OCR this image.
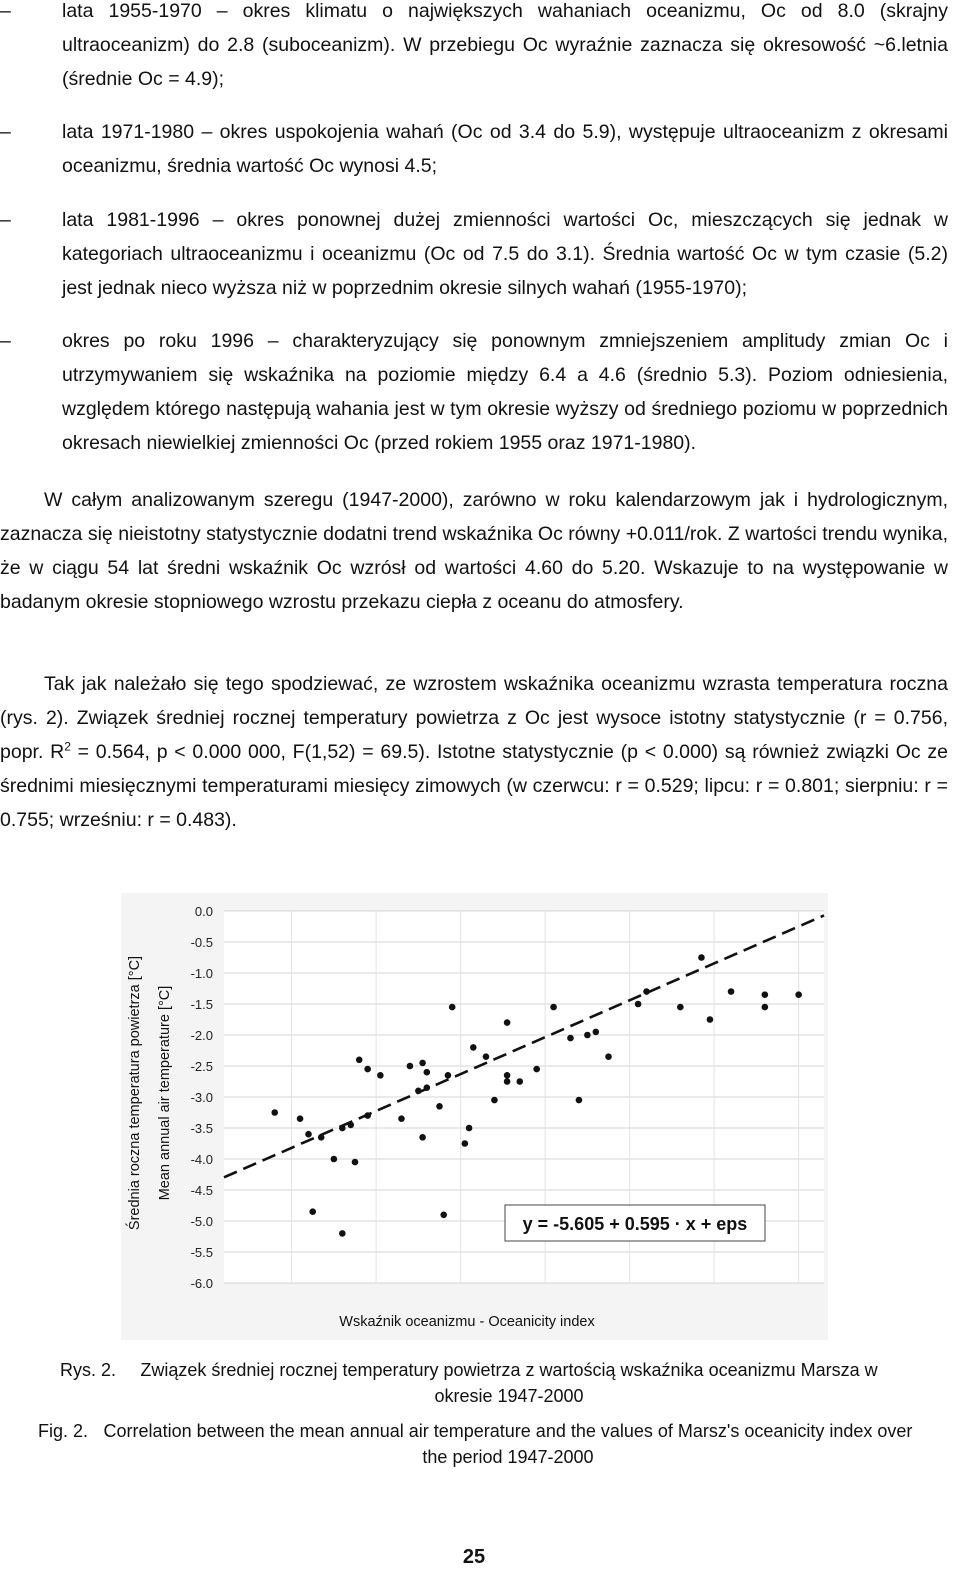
–	lata 1955-1970 – okres klimatu o największych wahaniach oceanizmu, Oc od 8.0 (skrajny ultraoceanizm) do 2.8 (suboceanizm). W przebiegu Oc wyraźnie zaznacza się okresowość ~6.letnia (średnie Oc = 4.9);
–	lata 1971-1980 – okres uspokojenia wahań (Oc od 3.4 do 5.9), występuje ultraoceanizm z okresami oceanizmu, średnia wartość Oc wynosi 4.5;
–	lata 1981-1996 – okres ponownej dużej zmienności wartości Oc, mieszczących się jednak w kategoriach ultraoceanizmu i oceanizmu (Oc od 7.5 do 3.1). Średnia wartość Oc w tym czasie (5.2) jest jednak nieco wyższa niż w poprzednim okresie silnych wahań (1955-1970);
–	okres po roku 1996 – charakteryzujący się ponownym zmniejszeniem amplitudy zmian Oc i utrzymywaniem się wskaźnika na poziomie między 6.4 a 4.6 (średnio 5.3). Poziom odniesienia, względem którego następują wahania jest w tym okresie wyższy od średniego poziomu w poprzednich okresach niewielkiej zmienności Oc (przed rokiem 1955 oraz 1971-1980).

W całym analizowanym szeregu (1947-2000), zarówno w roku kalendarzowym jak i hydrologicznym, zaznacza się nieistotny statystycznie dodatni trend wskaźnika Oc równy +0.011/rok. Z wartości trendu wynika, że w ciągu 54 lat średni wskaźnik Oc wzrósł od wartości 4.60 do 5.20. Wskazuje to na występowanie w badanym okresie stopniowego wzrostu przekazu ciepła z oceanu do atmosfery.

Tak jak należało się tego spodziewać, ze wzrostem wskaźnika oceanizmu wzrasta temperatura roczna (rys. 2). Związek średniej rocznej temperatury powietrza z Oc jest wysoce istotny statystycznie (r = 0.756, popr. $R^2 = 0.564$, p < 0.000 000, F(1,52) = 69.5). Istotne statystycznie (p < 0.000) są również związki Oc ze średnimi miesięcznymi temperaturami miesięcy zimowych (w czerwcu: r = 0.529; lipcu: r = 0.801; sierpniu: r = 0.755; wrześniu: r = 0.483).

0.0
-0.5
-1.0
-1.5
-2.0
-2.5
-3.0
-3.5
-4.0
-4.5
-5.0
-5.5
-6.0
Średnia roczna temperatura powietrza [°C] Mean annual air temperature [°C]
Wskaźnik oceanizmu - Oceanicity index
y = -5.605 + 0.595 · x + eps
Rys. 2.	Związek średniej rocznej temperatury powietrza z wartością wskaźnika oceanizmu Marsza w okresie 1947-2000
Fig. 2. Correlation between the mean annual air temperature and the values of Marsz's oceanicity index over the period 1947-2000
25
